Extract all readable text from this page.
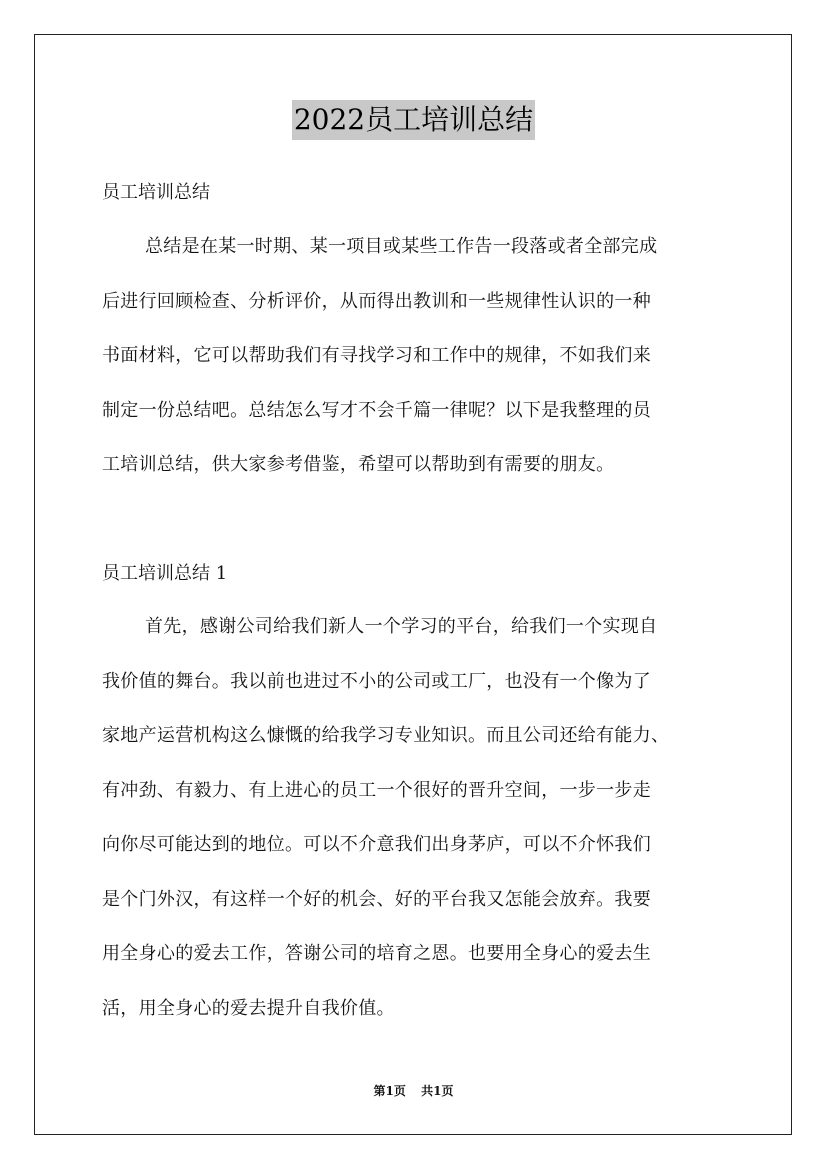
2022员工培训总结
员工培训总结
总结是在某一时期、某一项目或某些工作告一段落或者全部完成
后进行回顾检查、分析评价，从而得出教训和一些规律性认识的一种
书面材料，它可以帮助我们有寻找学习和工作中的规律，不如我们来
制定一份总结吧。总结怎么写才不会千篇一律呢？以下是我整理的员
工培训总结，供大家参考借鉴，希望可以帮助到有需要的朋友。
员工培训总结 1
首先，感谢公司给我们新人一个学习的平台，给我们一个实现自
我价值的舞台。我以前也进过不小的公司或工厂，也没有一个像为了
家地产运营机构这么慷慨的给我学习专业知识。而且公司还给有能力、
有冲劲、有毅力、有上进心的员工一个很好的晋升空间，一步一步走
向你尽可能达到的地位。可以不介意我们出身茅庐，可以不介怀我们
是个门外汉，有这样一个好的机会、好的平台我又怎能会放弃。我要
用全身心的爱去工作，答谢公司的培育之恩。也要用全身心的爱去生
活，用全身心的爱去提升自我价值。
第1页 共1页
